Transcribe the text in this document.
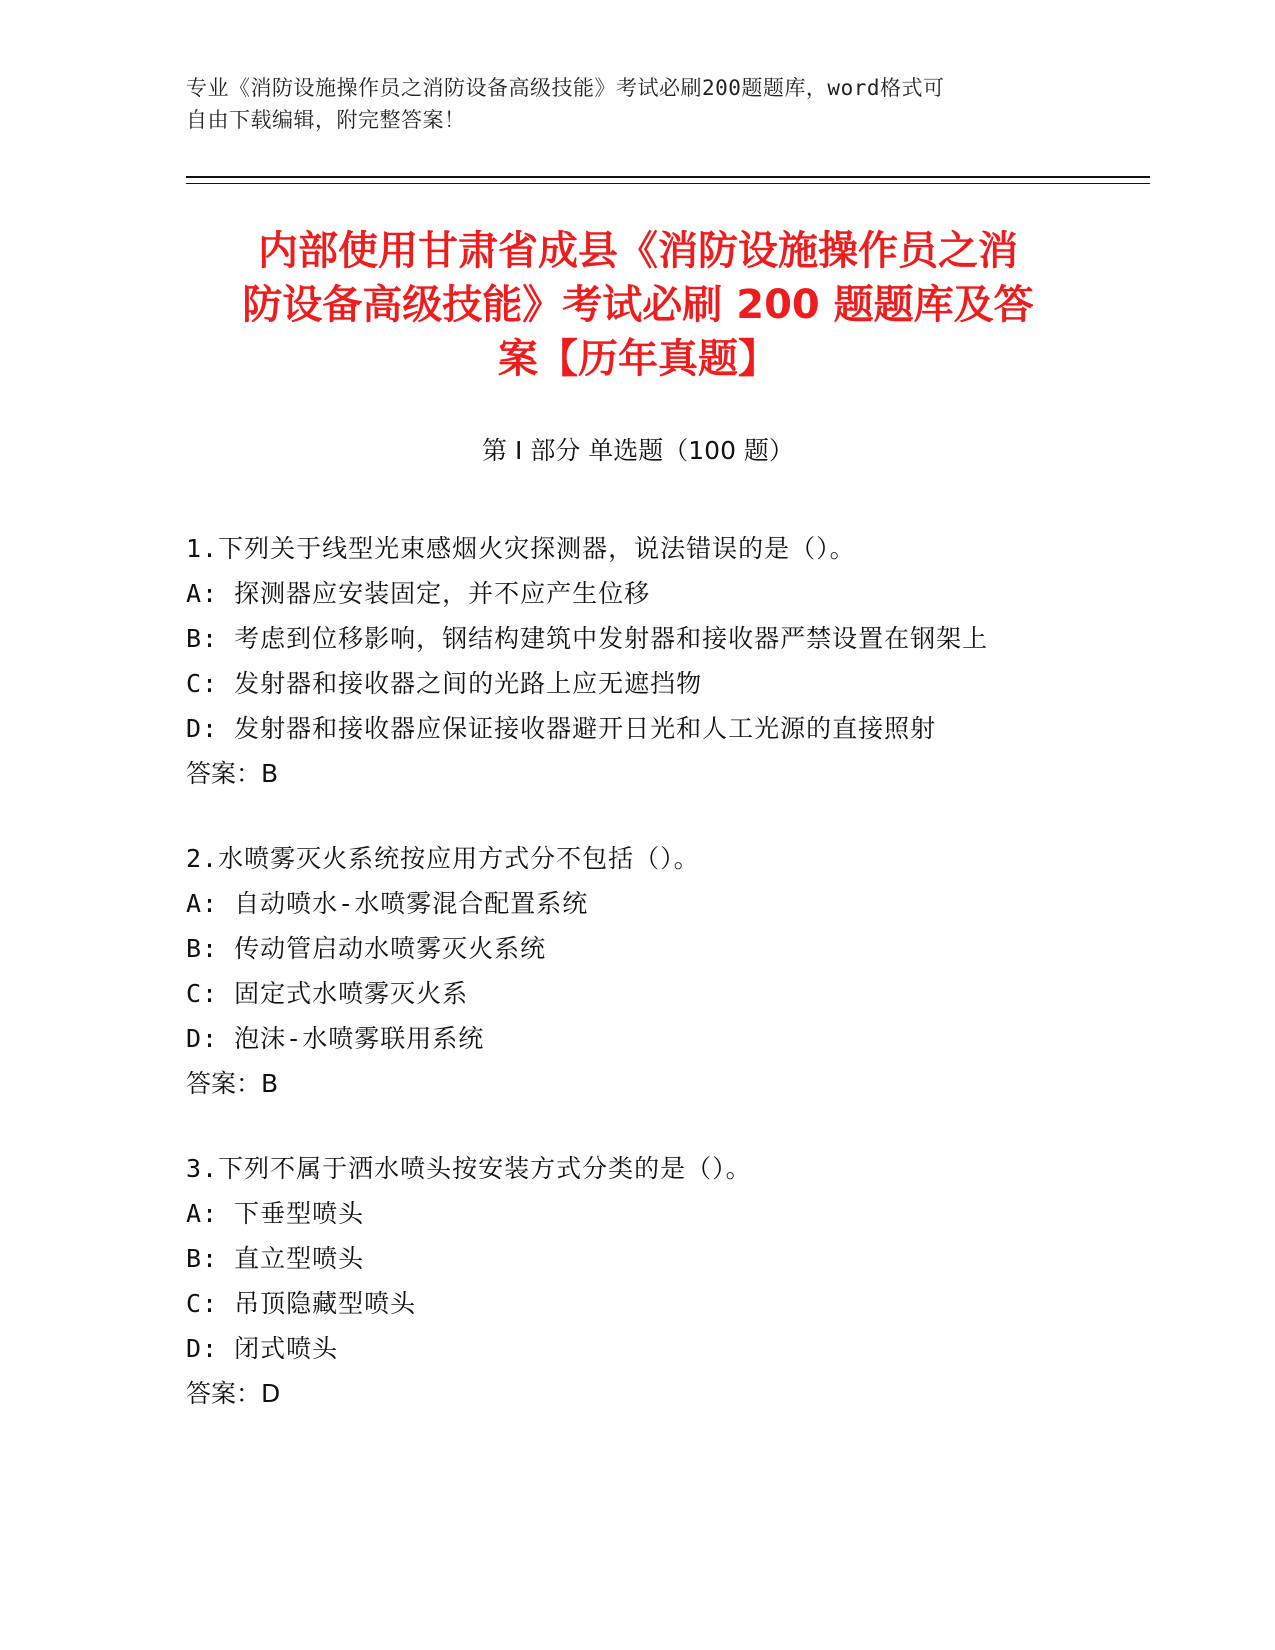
专业《消防设施操作员之消防设备高级技能》考试必刷200题题库，word格式可
自由下载编辑，附完整答案！
内部使用甘肃省成县《消防设施操作员之消
防设备高级技能》考试必刷 200 题题库及答
案【历年真题】
第 I 部分 单选题（100 题）
1.下列关于线型光束感烟火灾探测器，说法错误的是（）。
A: 探测器应安装固定，并不应产生位移
B: 考虑到位移影响，钢结构建筑中发射器和接收器严禁设置在钢架上
C: 发射器和接收器之间的光路上应无遮挡物
D: 发射器和接收器应保证接收器避开日光和人工光源的直接照射
答案：B
2.水喷雾灭火系统按应用方式分不包括（）。
A: 自动喷水-水喷雾混合配置系统
B: 传动管启动水喷雾灭火系统
C: 固定式水喷雾灭火系
D: 泡沫-水喷雾联用系统
答案：B
3.下列不属于洒水喷头按安装方式分类的是（）。
A: 下垂型喷头
B: 直立型喷头
C: 吊顶隐藏型喷头
D: 闭式喷头
答案：D
